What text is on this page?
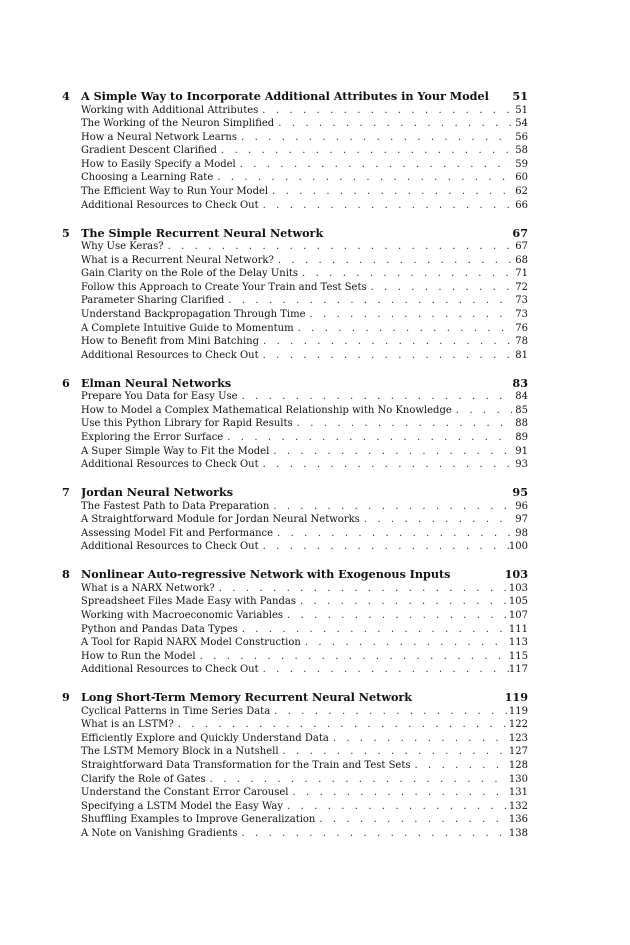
4	A Simple Way to Incorporate Additional Attributes in Your Model	51
Working with Additional Attributes . . .	51
The Working of the Neuron Simplified . . .	54
How a Neural Network Learns . . .	56
Gradient Descent Clarified . . .	58
How to Easily Specify a Model . . .	59
Choosing a Learning Rate . . .	60
The Efficient Way to Run Your Model . . .	62
Additional Resources to Check Out . . .	66
5	The Simple Recurrent Neural Network	67
Why Use Keras? . . .	67
What is a Recurrent Neural Network? . . .	68
Gain Clarity on the Role of the Delay Units . . .	71
Follow this Approach to Create Your Train and Test Sets . . .	72
Parameter Sharing Clarified . . .	73
Understand Backpropagation Through Time . . .	73
A Complete Intuitive Guide to Momentum . . .	76
How to Benefit from Mini Batching . . .	78
Additional Resources to Check Out . . .	81
6	Elman Neural Networks	83
Prepare You Data for Easy Use . . .	84
How to Model a Complex Mathematical Relationship with No Knowledge . . .	85
Use this Python Library for Rapid Results . . .	88
Exploring the Error Surface . . .	89
A Super Simple Way to Fit the Model . . .	91
Additional Resources to Check Out . . .	93
7	Jordan Neural Networks	95
The Fastest Path to Data Preparation . . .	96
A Straightforward Module for Jordan Neural Networks . . .	97
Assessing Model Fit and Performance . . .	98
Additional Resources to Check Out . . .	100
8	Nonlinear Auto-regressive Network with Exogenous Inputs	103
What is a NARX Network? . . .	103
Spreadsheet Files Made Easy with Pandas . . .	105
Working with Macroeconomic Variables . . .	107
Python and Pandas Data Types . . .	111
A Tool for Rapid NARX Model Construction . . .	113
How to Run the Model . . .	115
Additional Resources to Check Out . . .	117
9	Long Short-Term Memory Recurrent Neural Network	119
Cyclical Patterns in Time Series Data . . .	119
What is an LSTM? . . .	122
Efficiently Explore and Quickly Understand Data . . .	123
The LSTM Memory Block in a Nutshell . . .	127
Straightforward Data Transformation for the Train and Test Sets . . .	128
Clarify the Role of Gates . . .	130
Understand the Constant Error Carousel . . .	131
Specifying a LSTM Model the Easy Way . . .	132
Shuffling Examples to Improve Generalization . . .	136
A Note on Vanishing Gradients . . .	138
